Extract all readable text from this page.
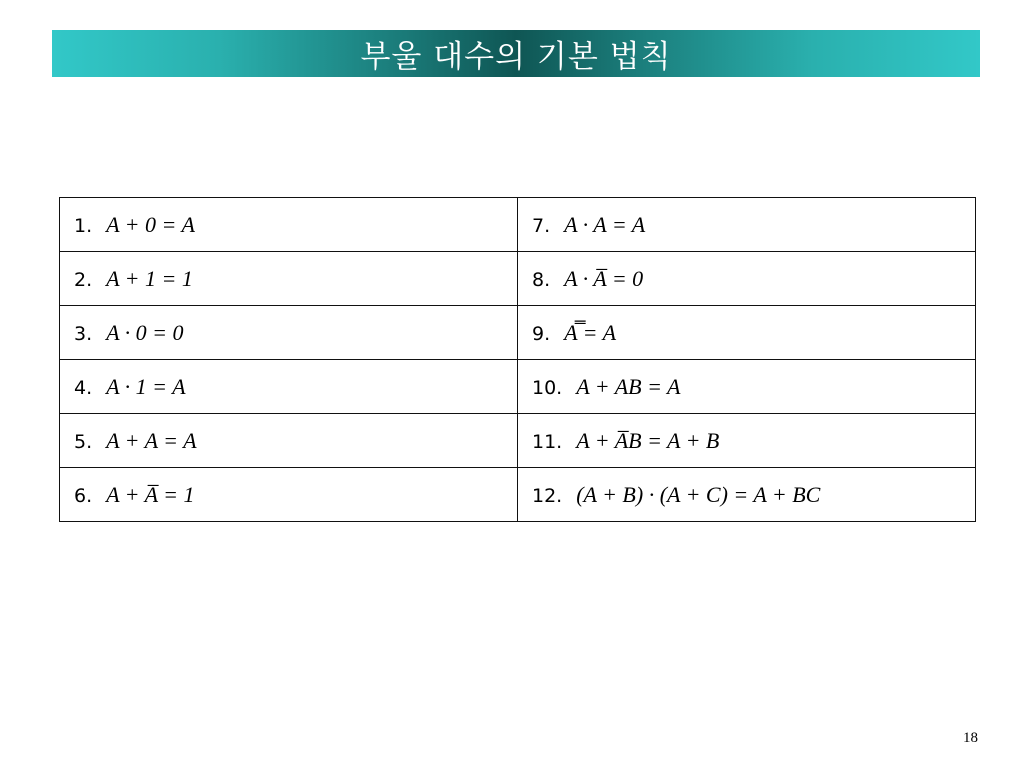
부울 대수의 기본 법칙
1. A + 0 = A	7. A · A = A
2. A + 1 = 1	8. A · A̅ = 0
3. A · 0 = 0	9. A̿ = A
4. A · 1 = A	10. A + AB = A
5. A + A = A	11. A + A̅B = A + B
6. A + A̅ = 1	12. (A + B) · (A + C) = A + BC
18
